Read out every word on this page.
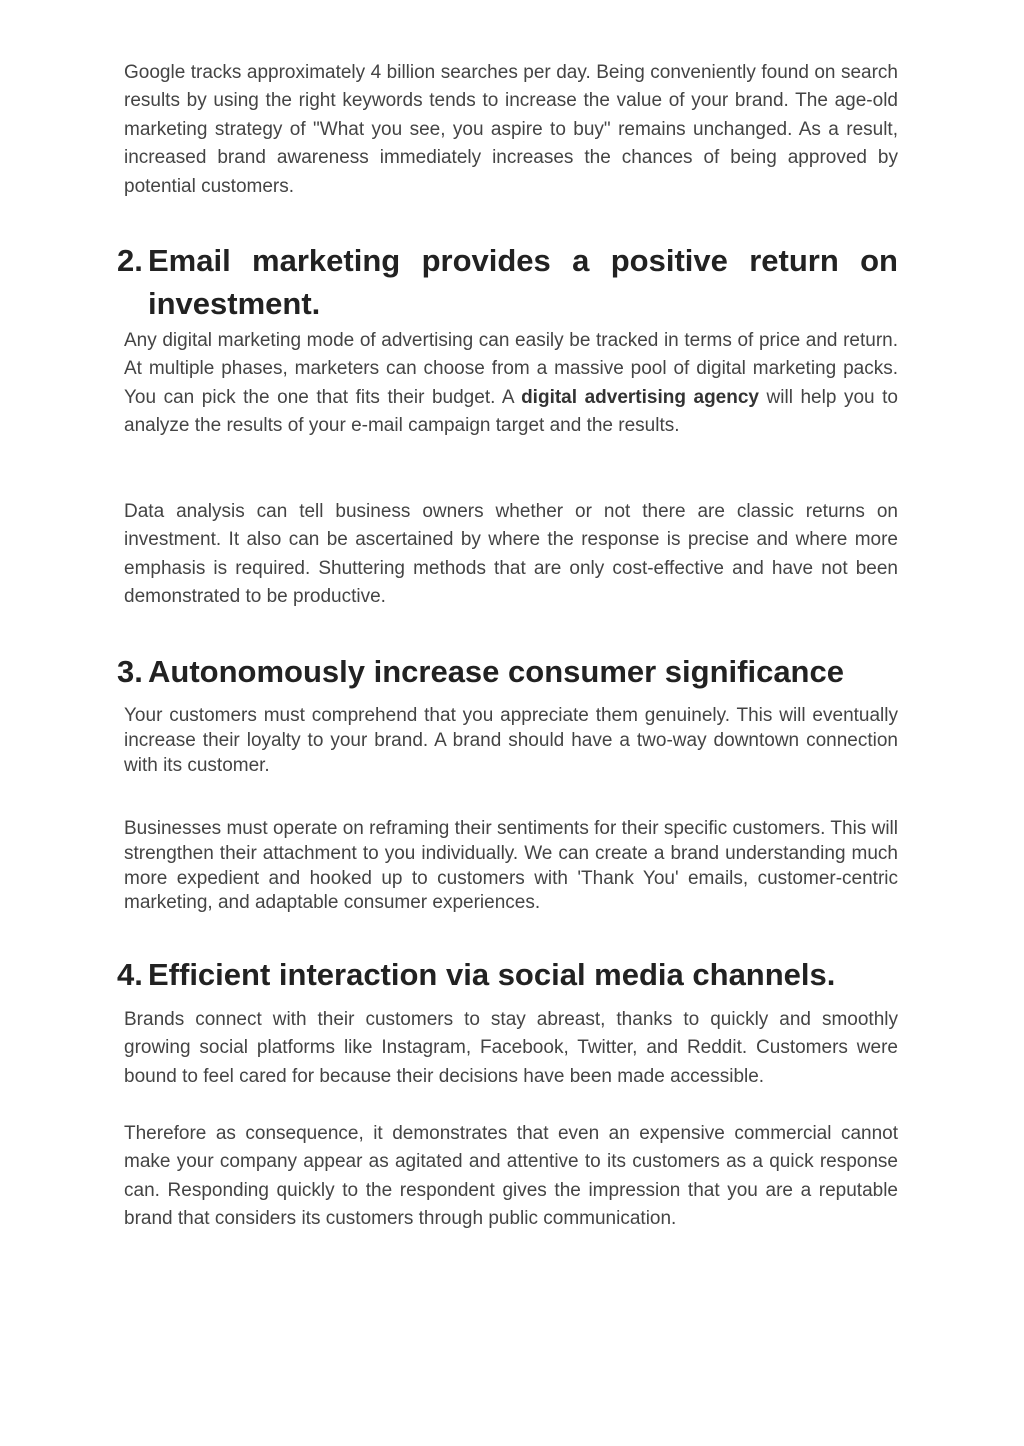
Google tracks approximately 4 billion searches per day. Being conveniently found on search results by using the right keywords tends to increase the value of your brand. The age-old marketing strategy of "What you see, you aspire to buy" remains unchanged. As a result, increased brand awareness immediately increases the chances of being approved by potential customers.

2. Email marketing provides a positive return on investment.

Any digital marketing mode of advertising can easily be tracked in terms of price and return. At multiple phases, marketers can choose from a massive pool of digital marketing packs. You can pick the one that fits their budget. A digital advertising agency will help you to analyze the results of your e-mail campaign target and the results.

Data analysis can tell business owners whether or not there are classic returns on investment. It also can be ascertained by where the response is precise and where more emphasis is required. Shuttering methods that are only cost-effective and have not been demonstrated to be productive.

3. Autonomously increase consumer significance

Your customers must comprehend that you appreciate them genuinely. This will eventually increase their loyalty to your brand. A brand should have a two-way downtown connection with its customer.

Businesses must operate on reframing their sentiments for their specific customers. This will strengthen their attachment to you individually. We can create a brand understanding much more expedient and hooked up to customers with 'Thank You' emails, customer-centric marketing, and adaptable consumer experiences.

4. Efficient interaction via social media channels.

Brands connect with their customers to stay abreast, thanks to quickly and smoothly growing social platforms like Instagram, Facebook, Twitter, and Reddit. Customers were bound to feel cared for because their decisions have been made accessible.

Therefore as consequence, it demonstrates that even an expensive commercial cannot make your company appear as agitated and attentive to its customers as a quick response can. Responding quickly to the respondent gives the impression that you are a reputable brand that considers its customers through public communication.
